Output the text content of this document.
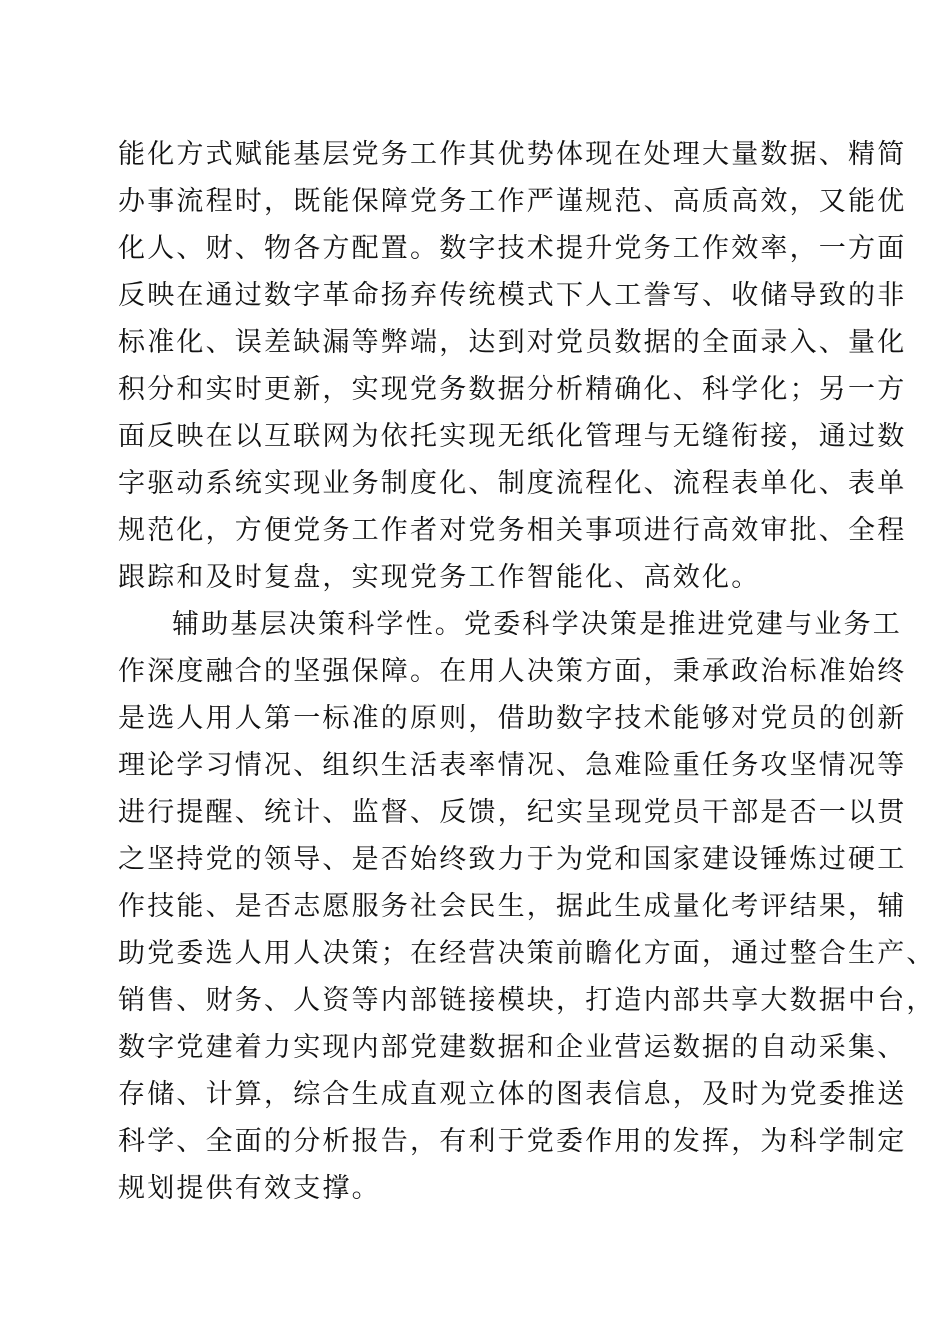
能化方式赋能基层党务工作其优势体现在处理大量数据、精简
办事流程时，既能保障党务工作严谨规范、高质高效，又能优
化人、财、物各方配置。数字技术提升党务工作效率，一方面
反映在通过数字革命扬弃传统模式下人工誊写、收储导致的非
标准化、误差缺漏等弊端，达到对党员数据的全面录入、量化
积分和实时更新，实现党务数据分析精确化、科学化；另一方
面反映在以互联网为依托实现无纸化管理与无缝衔接，通过数
字驱动系统实现业务制度化、制度流程化、流程表单化、表单
规范化，方便党务工作者对党务相关事项进行高效审批、全程
跟踪和及时复盘，实现党务工作智能化、高效化。
辅助基层决策科学性。党委科学决策是推进党建与业务工
作深度融合的坚强保障。在用人决策方面，秉承政治标准始终
是选人用人第一标准的原则，借助数字技术能够对党员的创新
理论学习情况、组织生活表率情况、急难险重任务攻坚情况等
进行提醒、统计、监督、反馈，纪实呈现党员干部是否一以贯
之坚持党的领导、是否始终致力于为党和国家建设锤炼过硬工
作技能、是否志愿服务社会民生，据此生成量化考评结果，辅
助党委选人用人决策；在经营决策前瞻化方面，通过整合生产、
销售、财务、人资等内部链接模块，打造内部共享大数据中台，
数字党建着力实现内部党建数据和企业营运数据的自动采集、
存储、计算，综合生成直观立体的图表信息，及时为党委推送
科学、全面的分析报告，有利于党委作用的发挥，为科学制定
规划提供有效支撑。
